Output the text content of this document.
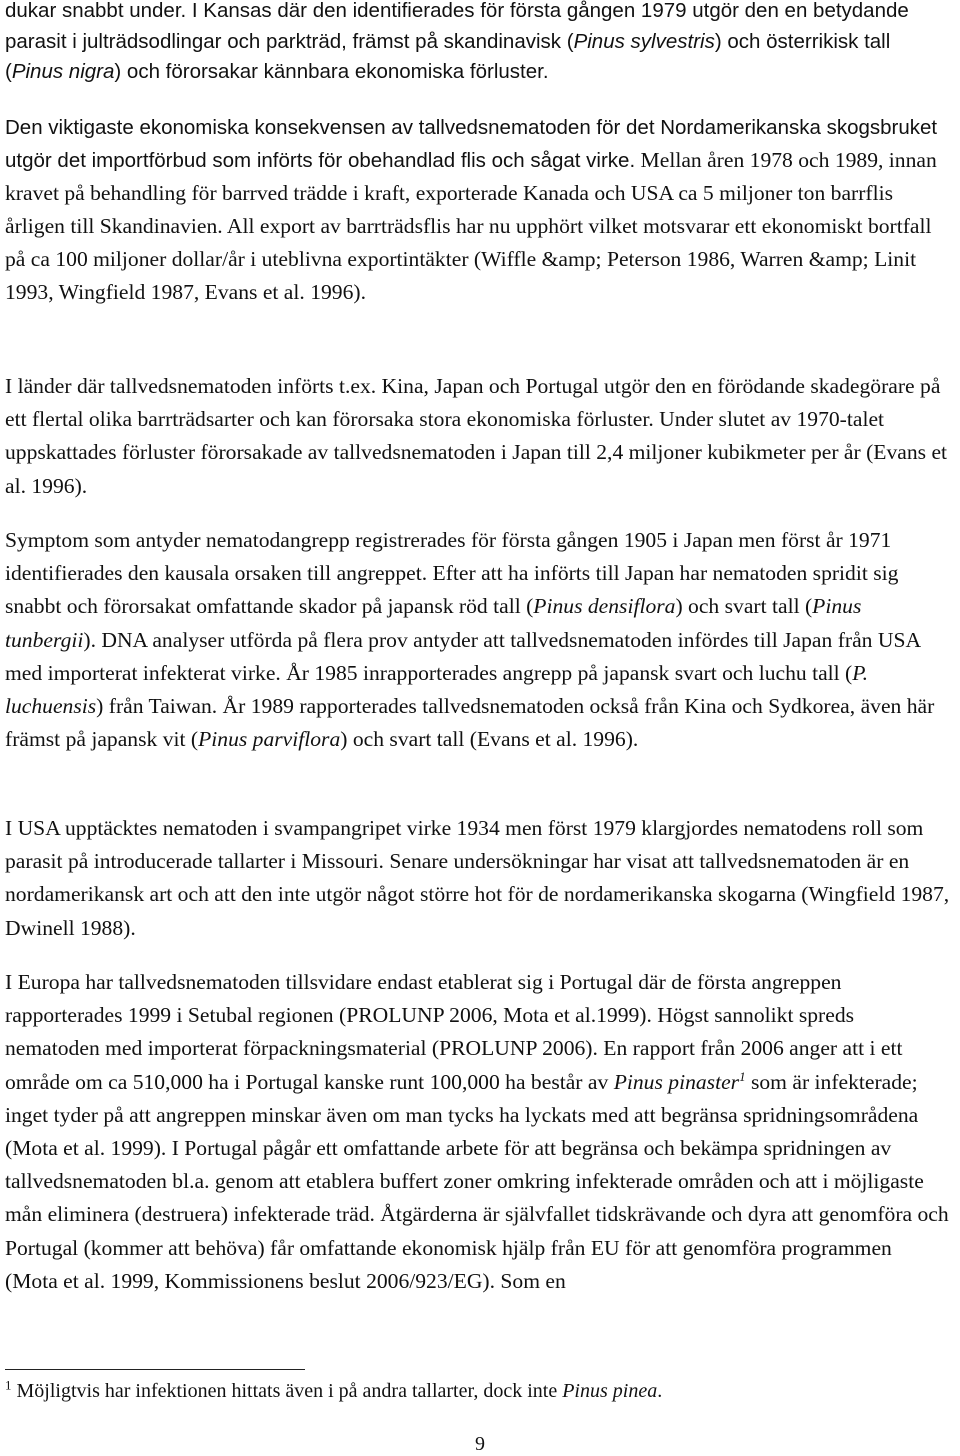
dukar snabbt under. I Kansas där den identifierades för första gången 1979 utgör den en betydande parasit i julträdsodlingar och parkträd, främst på skandinavisk (Pinus sylvestris) och österrikisk tall (Pinus nigra) och förorsakar kännbara ekonomiska förluster.

Den viktigaste ekonomiska konsekvensen av tallvedsnematoden för det Nordamerikanska skogsbruket utgör det importförbud som införts för obehandlad flis och sågat virke. Mellan åren 1978 och 1989, innan kravet på behandling för barrved trädde i kraft, exporterade Kanada och USA ca 5 miljoner ton barrflis årligen till Skandinavien. All export av barrträdsflis har nu upphört vilket motsvarar ett ekonomiskt bortfall på ca 100 miljoner dollar/år i uteblivna exportintäkter (Wiffle &amp; Peterson 1986, Warren &amp; Linit 1993, Wingfield 1987, Evans et al. 1996).

I länder där tallvedsnematoden införts t.ex. Kina, Japan och Portugal utgör den en förödande skadegörare på ett flertal olika barrträdsarter och kan förorsaka stora ekonomiska förluster. Under slutet av 1970-talet uppskattades förluster förorsakade av tallvedsnematoden i Japan till 2,4 miljoner kubikmeter per år (Evans et al. 1996).

Symptom som antyder nematodangrepp registrerades för första gången 1905 i Japan men först år 1971 identifierades den kausala orsaken till angreppet. Efter att ha införts till Japan har nematoden spridit sig snabbt och förorsakat omfattande skador på japansk röd tall (Pinus densiflora) och svart tall (Pinus tunbergii). DNA analyser utförda på flera prov antyder att tallvedsnematoden infördes till Japan från USA med importerat infekterat virke. År 1985 inrapporterades angrepp på japansk svart och luchu tall (P. luchuensis) från Taiwan. År 1989 rapporterades tallvedsnematoden också från Kina och Sydkorea, även här främst på japansk vit (Pinus parviflora) och svart tall (Evans et al. 1996).

I USA upptäcktes nematoden i svampangripet virke 1934 men först 1979 klargjordes nematodens roll som parasit på introducerade tallarter i Missouri. Senare undersökningar har visat att tallvedsnematoden är en nordamerikansk art och att den inte utgör något större hot för de nordamerikanska skogarna (Wingfield 1987, Dwinell 1988).

I Europa har tallvedsnematoden tillsvidare endast etablerat sig i Portugal där de första angreppen rapporterades 1999 i Setubal regionen (PROLUNP 2006, Mota et al.1999). Högst sannolikt spreds nematoden med importerat förpackningsmaterial (PROLUNP 2006). En rapport från 2006 anger att i ett område om ca 510,000 ha i Portugal kanske runt 100,000 ha består av Pinus pinaster$^1$ som är infekterade; inget tyder på att angreppen minskar även om man tycks ha lyckats med att begränsa spridningsområdena (Mota et al. 1999). I Portugal pågår ett omfattande arbete för att begränsa och bekämpa spridningen av tallvedsnematoden bl.a. genom att etablera buffert zoner omkring infekterade områden och att i möjligaste mån eliminera (destruera) infekterade träd. Åtgärderna är självfallet tidskrävande och dyra att genomföra och Portugal (kommer att behöva) får omfattande ekonomisk hjälp från EU för att genomföra programmen (Mota et al. 1999, Kommissionens beslut 2006/923/EG). Som en

$^1$ Möjligtvis har infektionen hittats även i på andra tallarter, dock inte Pinus pinea.

9
